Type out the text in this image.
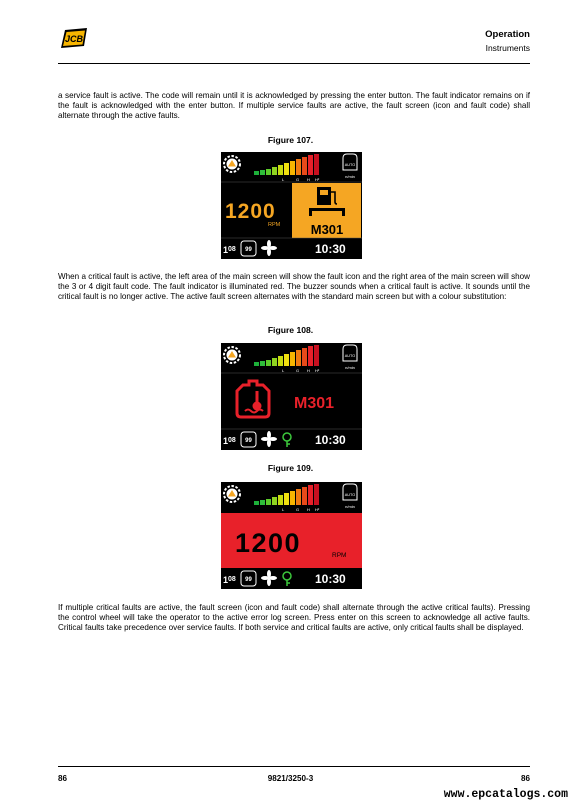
JCB	Operation
Instruments
a service fault is active. The code will remain until it is acknowledged by pressing the enter button. The fault indicator remains on if the fault is acknowledged with the enter button. If multiple service faults are active, the fault screen (icon and fault code) shall alternate through the active faults.
Figure 107.
L	G H H²
AUTO
n/min
1200
RPM M301
1 08 99	10:30
When a critical fault is active, the left area of the main screen will show the fault icon and the right area of the main screen will show the 3 or 4 digit fault code. The fault indicator is illuminated red. The buzzer sounds when a critical fault is active. It sounds until the critical fault is no longer active. The active fault screen alternates with the standard main screen but with a colour substitution:
Figure 108.
L	G H H²
AUTO
n/min
M301
1 08 99	10:30
Figure 109.
L	G H H²
AUTO
n/min
1200	RPM
1 08 99	10:30
If multiple critical faults are active, the fault screen (icon and fault code) shall alternate through the active critical faults). Pressing the control wheel will take the operator to the active error log screen. Press enter on this screen to acknowledge all active faults. Critical faults take precedence over service faults. If both service and critical faults are active, only critical faults shall be displayed.
86	9821/3250-3	86
www.epcatalogs.com
